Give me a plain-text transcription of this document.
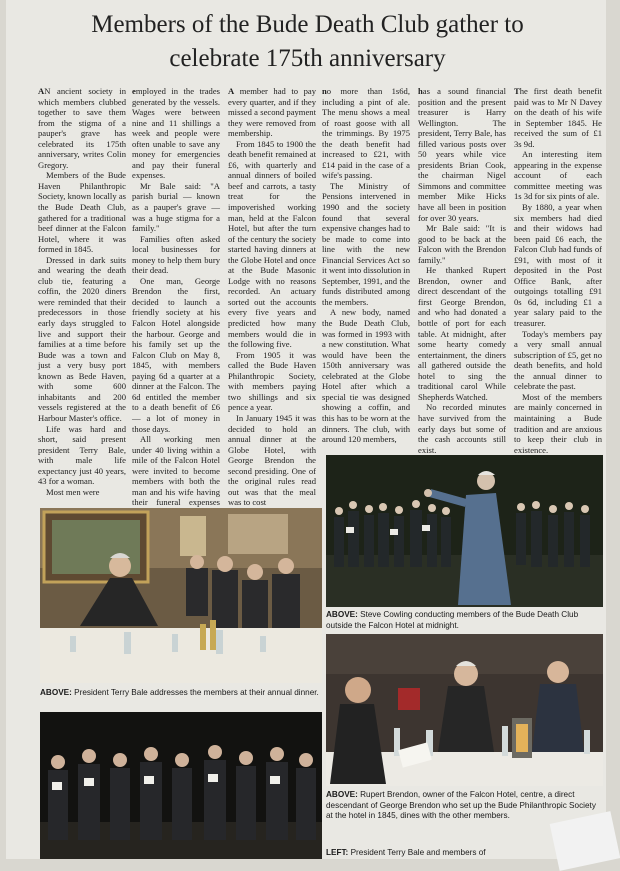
Members of the Bude Death Club gather to
celebrate 175th anniversary

AN ancient society in which members clubbed together to save them from the stigma of a pauper's grave has celebrated its 175th anniversary, writes Colin Gregory.

Members of the Bude Haven Philanthropic Society, known locally as the Bude Death Club, gathered for a traditional beef dinner at the Falcon Hotel, where it was formed in 1845.

Dressed in dark suits and wearing the death club tie, featuring a coffin, the 2020 diners were reminded that their predecessors in those early days struggled to live and support their families at a time before Bude was a town and just a very busy port known as Bede Haven, with some 600 inhabitants and 200 vessels registered at the Harbour Master's office.

Life was hard and short, said present president Terry Bale, with male life expectancy just 40 years, 43 for a woman.

Most men were

employed in the trades generated by the vessels. Wages were between nine and 11 shillings a week and people were often unable to save any money for emergencies and pay their funeral expenses.

Mr Bale said: "A parish burial — known as a pauper's grave — was a huge stigma for a family."

Families often asked local businesses for money to help them bury their dead.

One man, George Brendon the first, decided to launch a friendly society at his Falcon Hotel alongside the harbour. George and his family set up the Falcon Club on May 8, 1845, with members paying 6d a quarter at a dinner at the Falcon. The 6d entitled the member to a death benefit of £6 — a lot of money in those days.

All working men under 40 living within a mile of the Falcon Hotel were invited to become members with both the man and his wife having their funeral expenses

A member had to pay every quarter, and if they missed a second payment they were removed from membership.

From 1845 to 1900 the death benefit remained at £6, with quarterly and annual dinners of boiled beef and carrots, a tasty treat for the impoverished working man, held at the Falcon Hotel, but after the turn of the century the society started having dinners at the Globe Hotel and once at the Bude Masonic Lodge with no reasons recorded. An actuary sorted out the accounts every five years and predicted how many members would die in the following five.

From 1905 it was called the Bude Haven Philanthropic Society, with members paying two shillings and six pence a year.

In January 1945 it was decided to hold an annual dinner at the Globe Hotel, with George Brendon the second presiding. One of the original rules read out was that the meal was to cost

no more than 1s6d, including a pint of ale. The menu shows a meal of roast goose with all the trimmings. By 1975 the death benefit had increased to £21, with £14 paid in the case of a wife's passing.

The Ministry of Pensions intervened in 1990 and the society found that several expensive changes had to be made to come into line with the new Financial Services Act so it went into dissolution in September, 1991, and the funds distributed among the members.

A new body, named the Bude Death Club, was formed in 1993 with a new constitution. What would have been the 150th anniversary was celebrated at the Globe Hotel after which a special tie was designed showing a coffin, and this has to be worn at the dinners. The club, with around 120 members,

has a sound financial position and the present treasurer is Harry Wellington. The president, Terry Bale, has filled various posts over 50 years while vice presidents Brian Cook, the chairman Nigel Simmons and committee member Mike Hicks have all been in position for over 30 years.

Mr Bale said: "It is good to be back at the Falcon with the Brendon family."

He thanked Rupert Brendon, owner and direct descendant of the first George Brendon, and who had donated a bottle of port for each table. At midnight, after some hearty comedy entertainment, the diners all gathered outside the hotel to sing the traditional carol While Shepherds Watched.

No recorded minutes have survived from the early days but some of the cash accounts still exist.

The first death benefit paid was to Mr N Davey on the death of his wife in September 1845. He received the sum of £1 3s 9d.

An interesting item appearing in the expense account of each committee meeting was 1s 3d for six pints of ale.

By 1880, a year when six members had died and their widows had been paid £6 each, the Falcon Club had funds of £91, with most of it deposited in the Post Office Bank, after outgoings totalling £91 0s 6d, including £1 a year salary paid to the treasurer.

Today's members pay a very small annual subscription of £5, get no death benefits, and hold the annual dinner to celebrate the past.

Most of the members are mainly concerned in maintaining a Bude tradition and are anxious to keep their club in existence.

ABOVE: Steve Cowling conducting members of the Bude Death Club outside the Falcon Hotel at midnight.
ABOVE: President Terry Bale addresses the members at their annual dinner.
ABOVE: Rupert Brendon, owner of the Falcon Hotel, centre, a direct descendant of George Brendon who set up the Bude Philanthropic Society at the hotel in 1845, dines with the other members.
LEFT: President Terry Bale and members of
